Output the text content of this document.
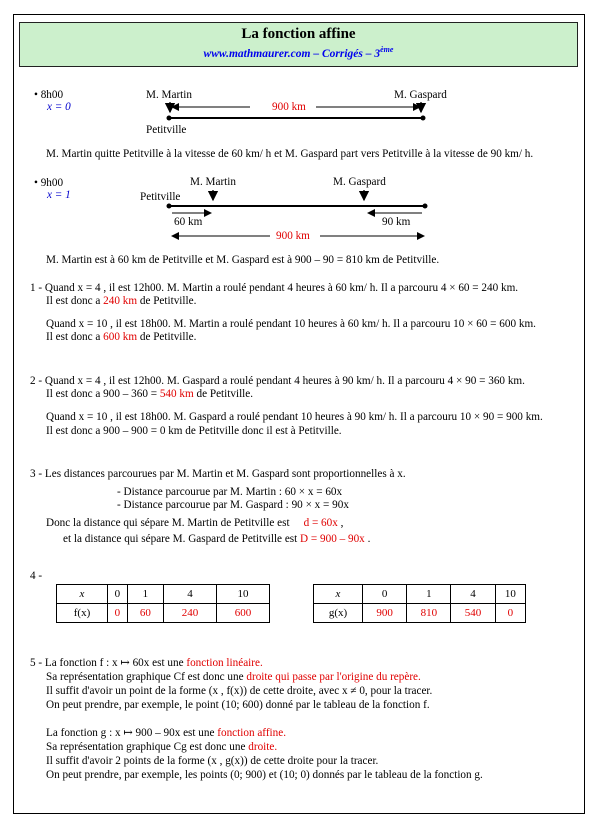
La fonction affine
www.mathmaurer.com – Corrigés – 3ème
• 8h00
x = 0
M. Martin	M. Gaspard
900 km
Petitville
M. Martin quitte Petitville à la vitesse de 60 km/ h et M. Gaspard part vers Petitville à la vitesse de 90 km/ h.
• 9h00
x = 1
M. Martin	M. Gaspard
Petitville
60 km	90 km
900 km
M. Martin est à 60 km de Petitville et M. Gaspard est à 900 – 90 = 810 km de Petitville.
1 - Quand x = 4 , il est 12h00. M. Martin a roulé pendant 4 heures à 60 km/ h. Il a parcouru 4 × 60 = 240 km.
Il est donc a 240 km de Petitville.
Quand x = 10 , il est 18h00. M. Martin a roulé pendant 10 heures à 60 km/ h. Il a parcouru 10 × 60 = 600 km.
Il est donc a 600 km de Petitville.
2 - Quand x = 4 , il est 12h00. M. Gaspard a roulé pendant 4 heures à 90 km/ h. Il a parcouru 4 × 90 = 360 km.
Il est donc a 900 – 360 = 540 km de Petitville.
Quand x = 10 , il est 18h00. M. Gaspard a roulé pendant 10 heures à 90 km/ h. Il a parcouru 10 × 90 = 900 km.
Il est donc a 900 – 900 = 0 km de Petitville donc il est à Petitville.
3 - Les distances parcourues par M. Martin et M. Gaspard sont proportionnelles à x.
- Distance parcourue par M. Martin : 60 × x = 60x
- Distance parcourue par M. Gaspard : 90 × x = 90x
Donc la distance qui sépare M. Martin de Petitville est d = 60x ,
et la distance qui sépare M. Gaspard de Petitville est D = 900 – 90x .
4 -
x	0	1	4	10
f(x)	0	60	240	600
x	0	1	4	10
g(x)	900	810	540	0
5 - La fonction f : x ↦ 60x est une fonction linéaire.
Sa représentation graphique Cf est donc une droite qui passe par l'origine du repère.
Il suffit d'avoir un point de la forme (x , f(x)) de cette droite, avec x ≠ 0, pour la tracer.
On peut prendre, par exemple, le point (10; 600) donné par le tableau de la fonction f.
La fonction g : x ↦ 900 – 90x est une fonction affine.
Sa représentation graphique Cg est donc une droite.
Il suffit d'avoir 2 points de la forme (x , g(x)) de cette droite pour la tracer.
On peut prendre, par exemple, les points (0; 900) et (10; 0) donnés par le tableau de la fonction g.
